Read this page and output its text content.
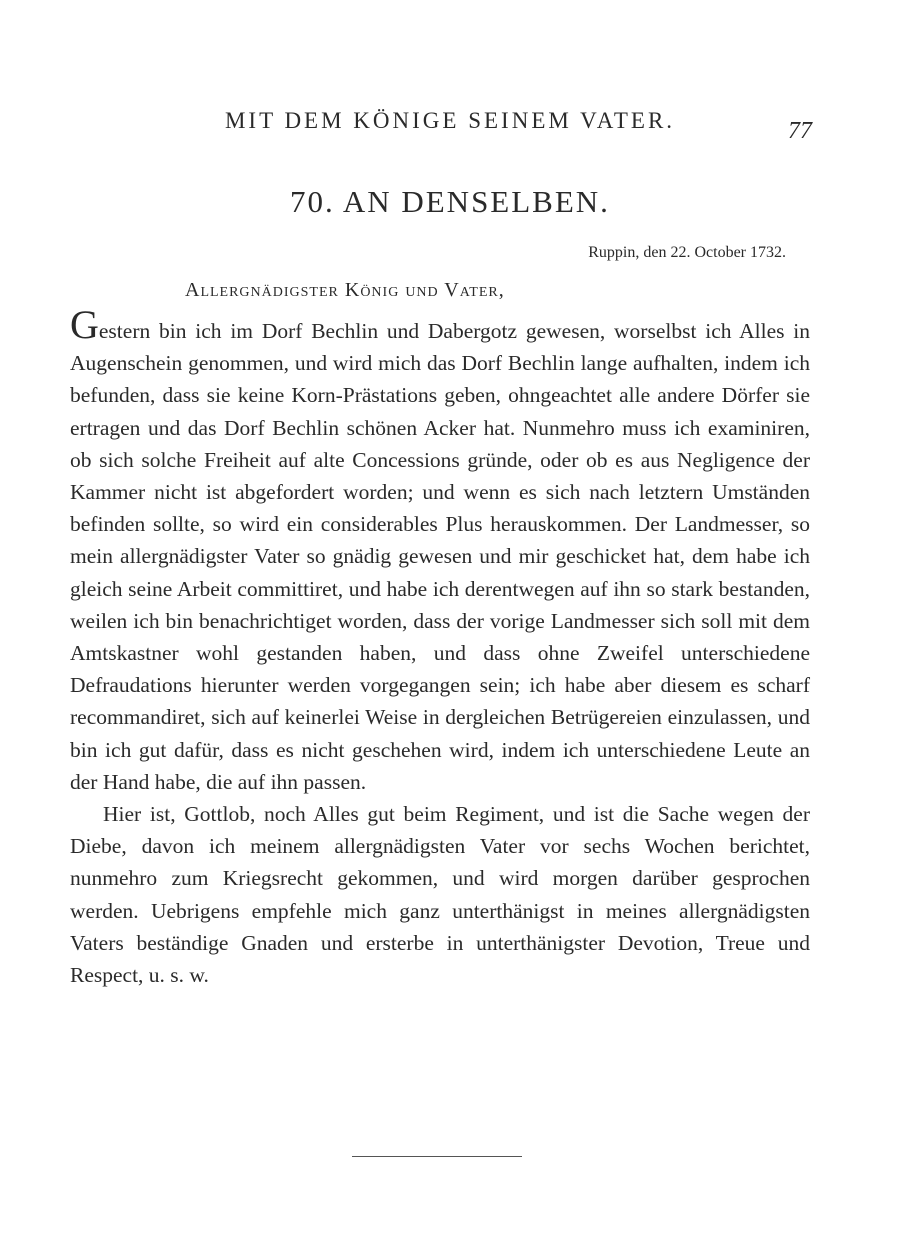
MIT DEM KÖNIGE SEINEM VATER.	77
70. AN DENSELBEN.
Ruppin, den 22. October 1732.
Allergnädigster König und Vater,

Gestern bin ich im Dorf Bechlin und Dabergotz gewesen, worselbst ich Alles in Augenschein genommen, und wird mich das Dorf Bechlin lange aufhalten, indem ich befunden, dass sie keine Korn-Prästations geben, ohngeachtet alle andere Dörfer sie ertragen und das Dorf Bechlin schönen Acker hat. Nunmehro muss ich examiniren, ob sich solche Freiheit auf alte Concessions gründe, oder ob es aus Negligence der Kammer nicht ist abgefordert worden; und wenn es sich nach letztern Umständen befinden sollte, so wird ein considerables Plus herauskommen. Der Landmesser, so mein allergnädigster Vater so gnädig gewesen und mir geschicket hat, dem habe ich gleich seine Arbeit committiret, und habe ich derentwegen auf ihn so stark bestanden, weilen ich bin benachrichtiget worden, dass der vorige Landmesser sich soll mit dem Amtskastner wohl gestanden haben, und dass ohne Zweifel unterschiedene Defraudations hierunter werden vorgegangen sein; ich habe aber diesem es scharf recommandiret, sich auf keinerlei Weise in dergleichen Betrügereien einzulassen, und bin ich gut dafür, dass es nicht geschehen wird, indem ich unterschiedene Leute an der Hand habe, die auf ihn passen.

Hier ist, Gottlob, noch Alles gut beim Regiment, und ist die Sache wegen der Diebe, davon ich meinem allergnädigsten Vater vor sechs Wochen berichtet, nunmehro zum Kriegsrecht gekommen, und wird morgen darüber gesprochen werden. Uebrigens empfehle mich ganz unterthänigst in meines allergnädigsten Vaters beständige Gnaden und ersterbe in unterthänigster Devotion, Treue und Respect, u. s. w.
